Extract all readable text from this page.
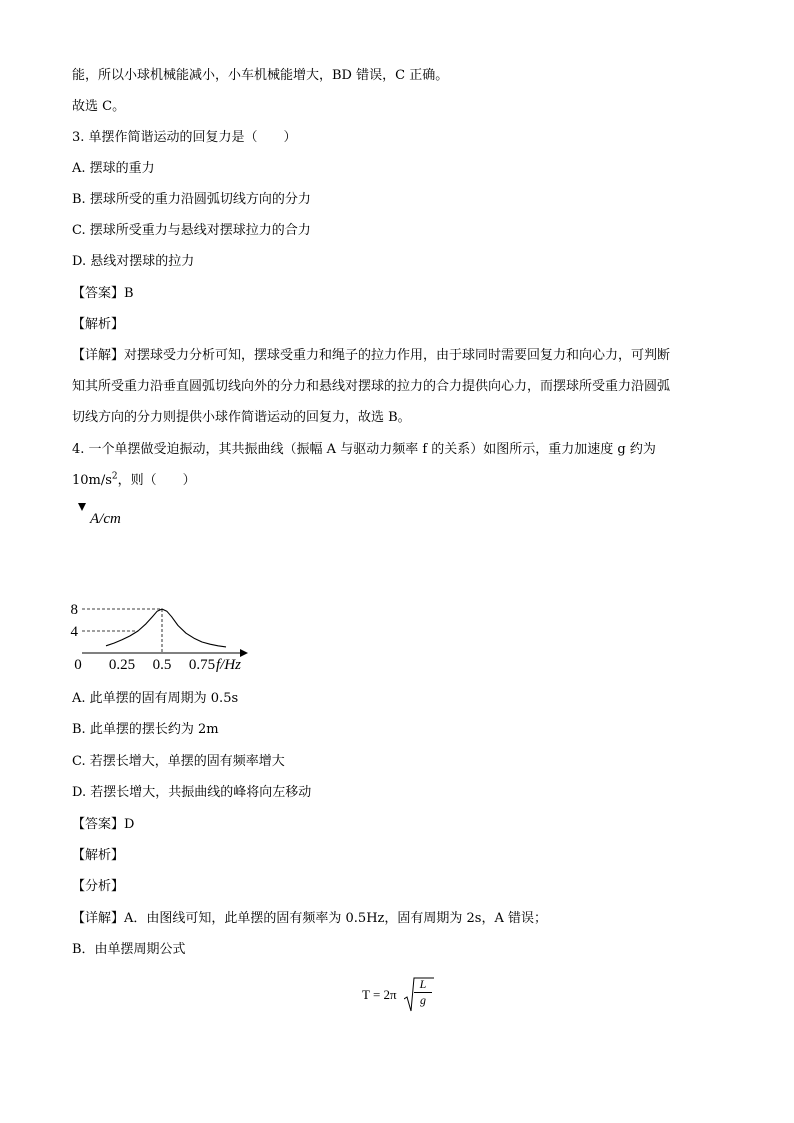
能，所以小球机械能减小，小车机械能增大，BD 错误，C 正确。
故选 C。
3. 单摆作简谐运动的回复力是（　　）
A. 摆球的重力
B. 摆球所受的重力沿圆弧切线方向的分力
C. 摆球所受重力与悬线对摆球拉力的合力
D. 悬线对摆球的拉力
【答案】B
【解析】
【详解】对摆球受力分析可知，摆球受重力和绳子的拉力作用，由于球同时需要回复力和向心力，可判断
知其所受重力沿垂直圆弧切线向外的分力和悬线对摆球的拉力的合力提供向心力，而摆球所受重力沿圆弧
切线方向的分力则提供小球作简谐运动的回复力，故选 B。
4. 一个单摆做受迫振动，其共振曲线（振幅 A 与驱动力频率 f 的关系）如图所示，重力加速度 g 约为
$10m/s^2$，则（　　）
0.25 0.5 0.75
4
8
A/cm
f/Hz
0
A. 此单摆的固有周期为 0.5s
B. 此单摆的摆长约为 2m
C. 若摆长增大，单摆的固有频率增大
D. 若摆长增大，共振曲线的峰将向左移动
【答案】D
【解析】
【分析】
【详解】A．由图线可知，此单摆的固有频率为 0.5Hz，固有周期为 2s，A 错误；
B．由单摆周期公式
T = 2π
L
g
